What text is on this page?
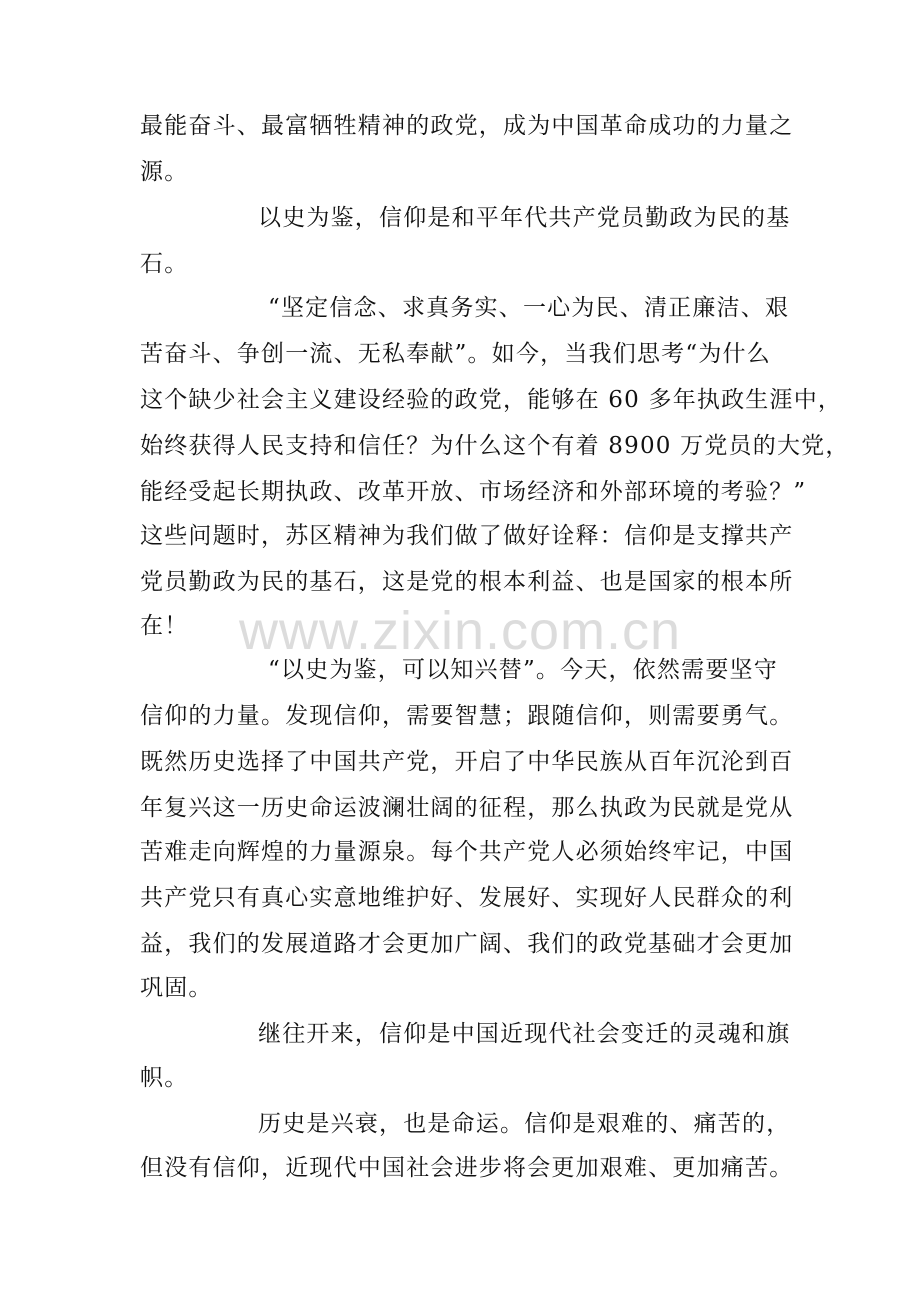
www.zixin.com.cn
最能奋斗、最富牺牲精神的政党，成为中国革命成功的力量之
源。
以史为鉴，信仰是和平年代共产党员勤政为民的基
石。
“坚定信念、求真务实、一心为民、清正廉洁、艰
苦奋斗、争创一流、无私奉献”。如今，当我们思考“为什么
这个缺少社会主义建设经验的政党，能够在 60 多年执政生涯中，
始终获得人民支持和信任？为什么这个有着 8900 万党员的大党，
能经受起长期执政、改革开放、市场经济和外部环境的考验？”
这些问题时，苏区精神为我们做了做好诠释：信仰是支撑共产
党员勤政为民的基石，这是党的根本利益、也是国家的根本所
在！
“以史为鉴，可以知兴替”。今天，依然需要坚守
信仰的力量。发现信仰，需要智慧；跟随信仰，则需要勇气。
既然历史选择了中国共产党，开启了中华民族从百年沉沦到百
年复兴这一历史命运波澜壮阔的征程，那么执政为民就是党从
苦难走向辉煌的力量源泉。每个共产党人必须始终牢记，中国
共产党只有真心实意地维护好、发展好、实现好人民群众的利
益，我们的发展道路才会更加广阔、我们的政党基础才会更加
巩固。
继往开来，信仰是中国近现代社会变迁的灵魂和旗
帜。
历史是兴衰，也是命运。信仰是艰难的、痛苦的，
但没有信仰，近现代中国社会进步将会更加艰难、更加痛苦。
